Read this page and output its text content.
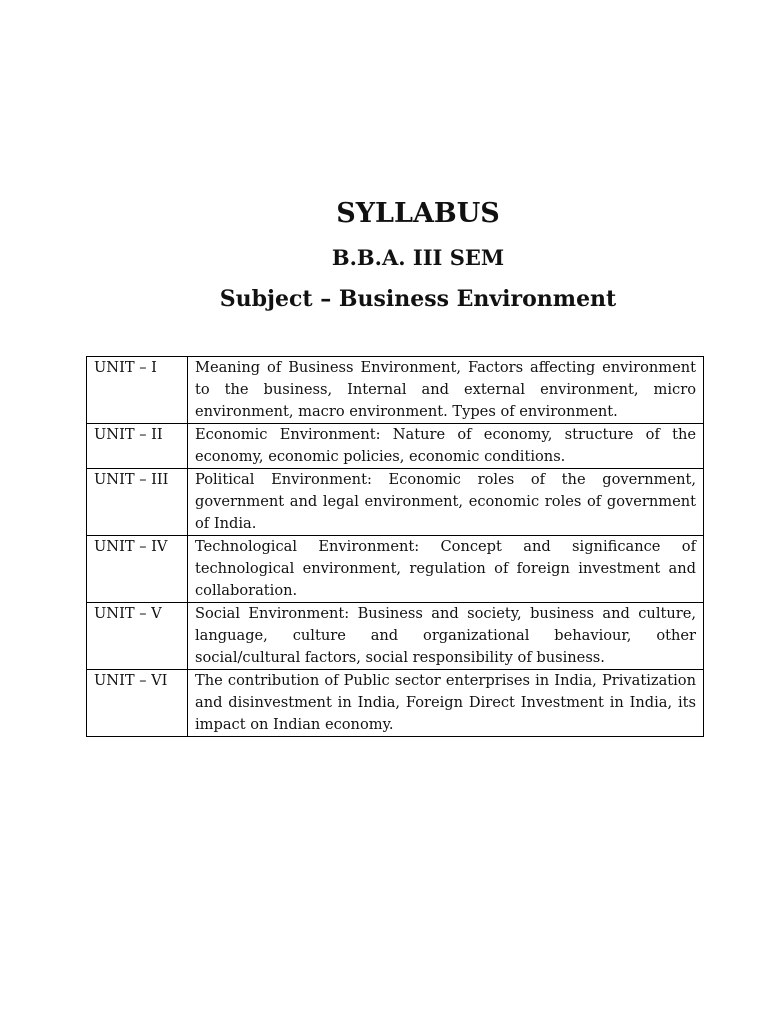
SYLLABUS
B.B.A. III SEM
Subject – Business Environment
UNIT – I	Meaning of Business Environment, Factors affecting environment to the business, Internal and external environment, micro environment, macro environment. Types of environment.
UNIT – II	Economic Environment: Nature of economy, structure of the economy, economic policies, economic conditions.
UNIT – III	Political Environment: Economic roles of the government, government and legal environment, economic roles of government of India.
UNIT – IV	Technological Environment: Concept and significance of technological environment, regulation of foreign investment and collaboration.
UNIT – V	Social Environment: Business and society, business and culture, language, culture and organizational behaviour, other social/cultural factors, social responsibility of business.
UNIT – VI	The contribution of Public sector enterprises in India, Privatization and disinvestment in India, Foreign Direct Investment in India, its impact on Indian economy.
